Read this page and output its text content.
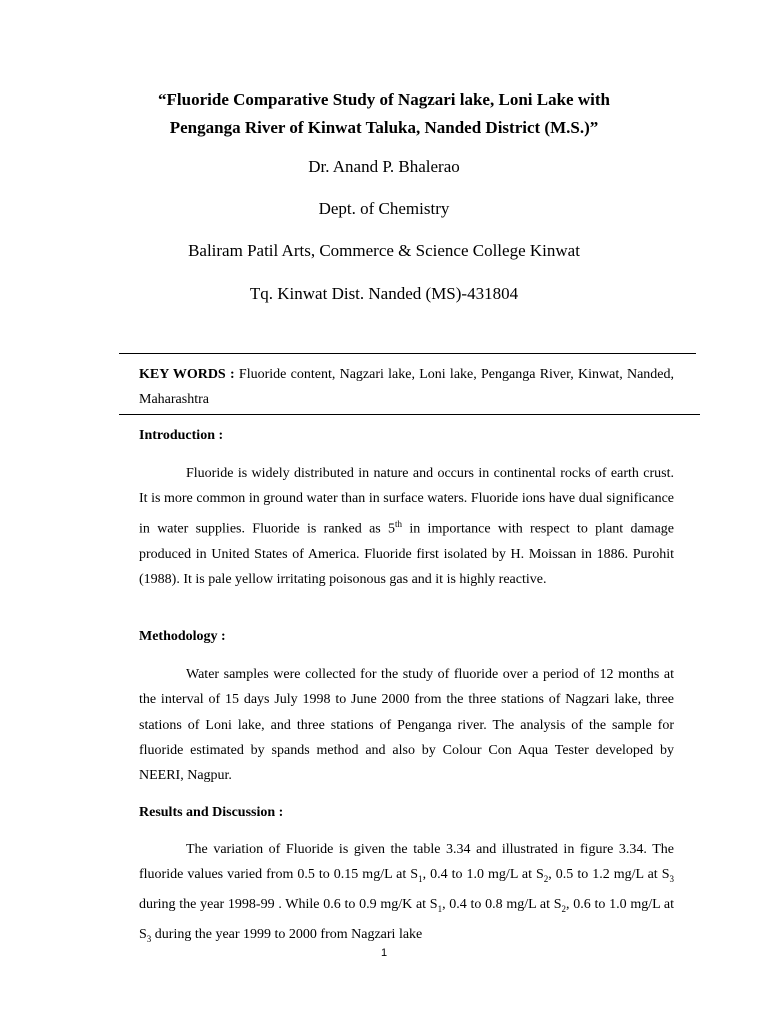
“Fluoride Comparative Study of Nagzari lake, Loni Lake with
Penganga River of Kinwat Taluka, Nanded District (M.S.)”
Dr. Anand P. Bhalerao
Dept. of Chemistry
Baliram Patil Arts, Commerce & Science College Kinwat
Tq. Kinwat Dist. Nanded (MS)-431804
KEY WORDS : Fluoride content, Nagzari lake, Loni lake, Penganga River, Kinwat, Nanded, Maharashtra
Introduction :
Fluoride is widely distributed in nature and occurs in continental rocks of earth crust. It is more common in ground water than in surface waters. Fluoride ions have dual significance in water supplies. Fluoride is ranked as 5th in importance with respect to plant damage produced in United States of America. Fluoride first isolated by H. Moissan in 1886. Purohit (1988). It is pale yellow irritating poisonous gas and it is highly reactive.
Methodology :
Water samples were collected for the study of fluoride over a period of 12 months at the interval of 15 days July 1998 to June 2000 from the three stations of Nagzari lake, three stations of Loni lake, and three stations of Penganga river. The analysis of the sample for fluoride estimated by spands method and also by Colour Con Aqua Tester developed by NEERI, Nagpur.
Results and Discussion :
The variation of Fluoride is given the table 3.34 and illustrated in figure 3.34. The fluoride values varied from 0.5 to 0.15 mg/L at $S_1$, 0.4 to 1.0 mg/L at $S_2$, 0.5 to 1.2 mg/L at $S_3$ during the year 1998-99 . While 0.6 to 0.9 mg/K at $S_1$, 0.4 to 0.8 mg/L at $S_2$, 0.6 to 1.0 mg/L at $S_3$ during the year 1999 to 2000 from Nagzari lake
1
